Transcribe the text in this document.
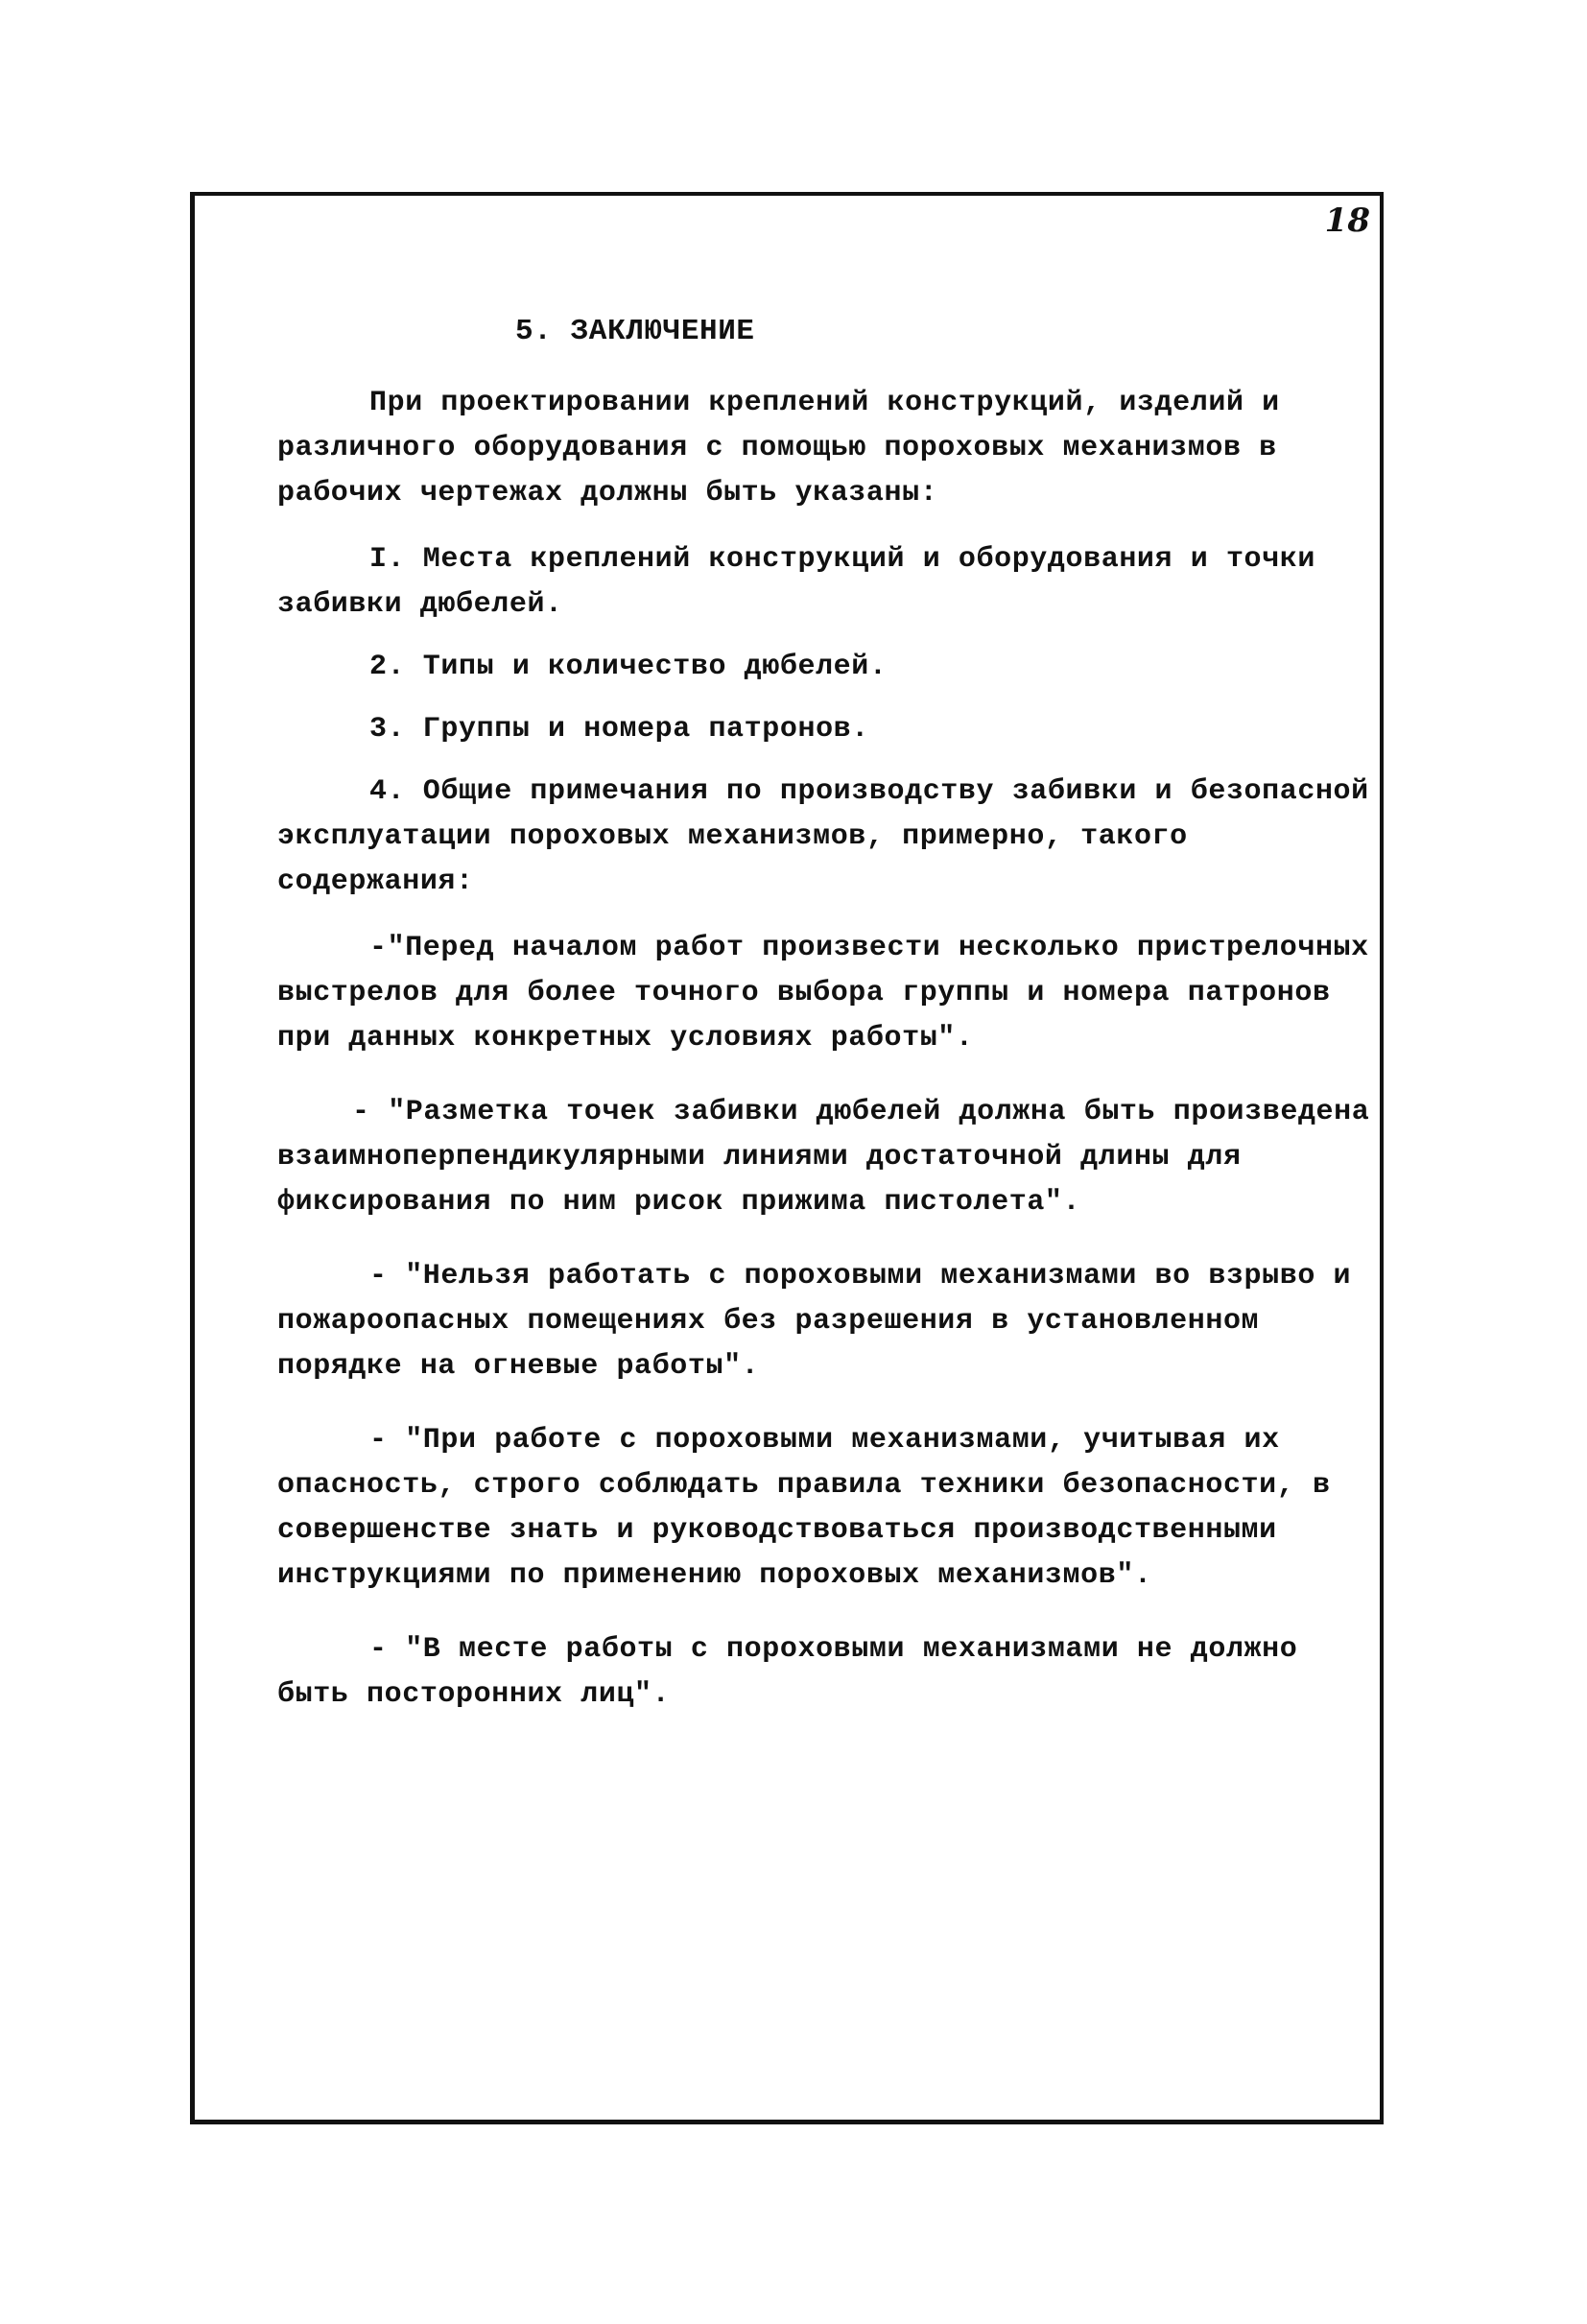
18
5. ЗАКЛЮЧЕНИЕ

При проектировании креплений конструкций, изделий и различного оборудования с помощью пороховых механизмов в рабочих чертежах должны быть указаны:

I. Места креплений конструкций и оборудования и точки забивки дюбелей.

2. Типы и количество дюбелей.

3. Группы и номера патронов.

4. Общие примечания по производству забивки и безопасной эксплуатации пороховых механизмов, примерно, такого содержания:

-"Перед началом работ произвести несколько пристрелочных выстрелов для более точного выбора группы и номера патронов при данных конкретных условиях работы".

- "Разметка точек забивки дюбелей должна быть произведена взаимноперпендикулярными линиями достаточной длины для фиксирования по ним рисок прижима пистолета".

- "Нельзя работать с пороховыми механизмами во взрыво и пожароопасных помещениях без разрешения в установленном порядке на огневые работы".

- "При работе с пороховыми механизмами, учитывая их опасность, строго соблюдать правила техники безопасности, в совершенстве знать и руководствоваться производственными инструкциями по применению пороховых механизмов".

- "В месте работы с пороховыми механизмами не должно быть посторонних лиц".
